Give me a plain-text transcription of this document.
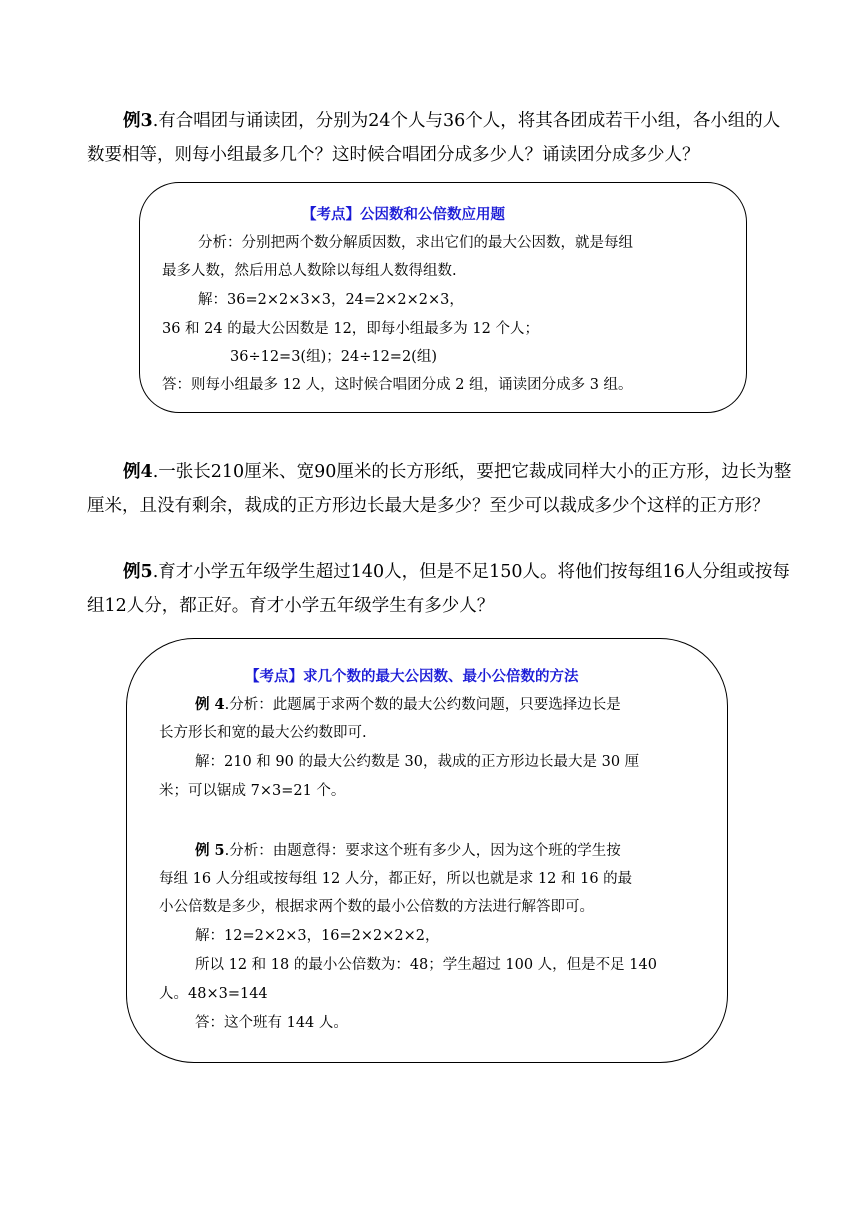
例3.有合唱团与诵读团，分别为24个人与36个人，将其各团成若干小组，各小组的人
数要相等，则每小组最多几个？这时候合唱团分成多少人？诵读团分成多少人？
【考点】公因数和公倍数应用题
分析：分别把两个数分解质因数，求出它们的最大公因数，就是每组
最多人数，然后用总人数除以每组人数得组数.
解：36=2×2×3×3，24=2×2×2×3，
36 和 24 的最大公因数是 12，即每小组最多为 12 个人；
36÷12=3(组)；24÷12=2(组)
答：则每小组最多 12 人，这时候合唱团分成 2 组，诵读团分成多 3 组。
例4.一张长210厘米、宽90厘米的长方形纸，要把它裁成同样大小的正方形，边长为整
厘米，且没有剩余，裁成的正方形边长最大是多少？至少可以裁成多少个这样的正方形？
例5.育才小学五年级学生超过140人，但是不足150人。将他们按每组16人分组或按每
组12人分，都正好。育才小学五年级学生有多少人？
【考点】求几个数的最大公因数、最小公倍数的方法
例 4.分析：此题属于求两个数的最大公约数问题，只要选择边长是
长方形长和宽的最大公约数即可.
解：210 和 90 的最大公约数是 30，裁成的正方形边长最大是 30 厘
米；可以锯成 7×3=21 个。
例 5.分析：由题意得：要求这个班有多少人，因为这个班的学生按
每组 16 人分组或按每组 12 人分，都正好，所以也就是求 12 和 16 的最
小公倍数是多少，根据求两个数的最小公倍数的方法进行解答即可。
解：12=2×2×3，16=2×2×2×2，
所以 12 和 18 的最小公倍数为：48；学生超过 100 人，但是不足 140
人。48×3=144
答：这个班有 144 人。
